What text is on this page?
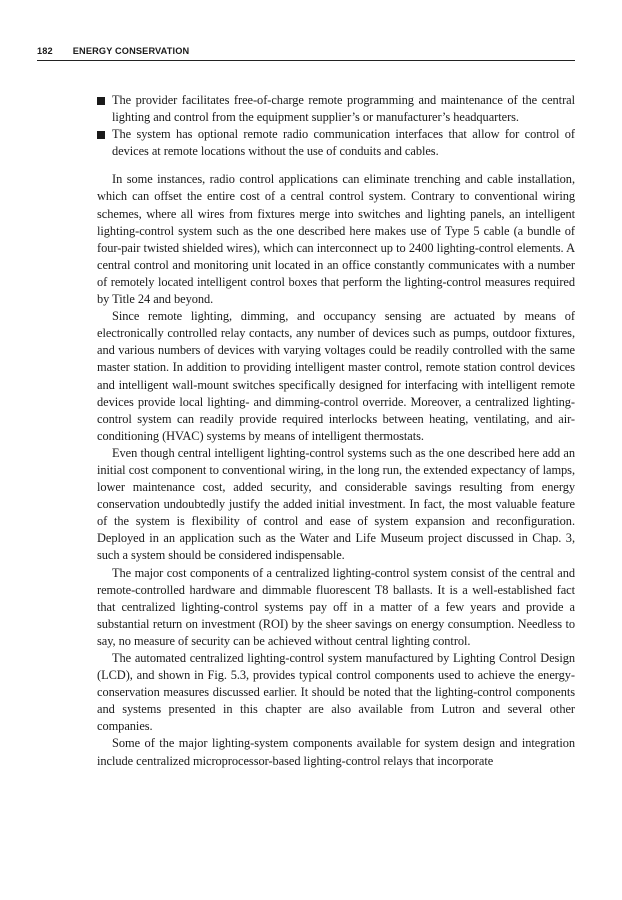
182 ENERGY CONSERVATION
The provider facilitates free-of-charge remote programming and maintenance of the central lighting and control from the equipment supplier’s or manufacturer’s headquarters.
The system has optional remote radio communication interfaces that allow for control of devices at remote locations without the use of conduits and cables.

In some instances, radio control applications can eliminate trenching and cable installation, which can offset the entire cost of a central control system. Contrary to conventional wiring schemes, where all wires from fixtures merge into switches and lighting panels, an intelligent lighting-control system such as the one described here makes use of Type 5 cable (a bundle of four-pair twisted shielded wires), which can interconnect up to 2400 lighting-control elements. A central control and monitoring unit located in an office constantly communicates with a number of remotely located intelligent control boxes that perform the lighting-control measures required by Title 24 and beyond.

Since remote lighting, dimming, and occupancy sensing are actuated by means of electronically controlled relay contacts, any number of devices such as pumps, outdoor fixtures, and various numbers of devices with varying voltages could be readily controlled with the same master station. In addition to providing intelligent master control, remote station control devices and intelligent wall-mount switches specifically designed for interfacing with intelligent remote devices provide local lighting- and dimming-control override. Moreover, a centralized lighting-control system can readily provide required interlocks between heating, ventilating, and air-conditioning (HVAC) systems by means of intelligent thermostats.

Even though central intelligent lighting-control systems such as the one described here add an initial cost component to conventional wiring, in the long run, the extended expectancy of lamps, lower maintenance cost, added security, and considerable savings resulting from energy conservation undoubtedly justify the added initial investment. In fact, the most valuable feature of the system is flexibility of control and ease of system expansion and reconfiguration. Deployed in an application such as the Water and Life Museum project discussed in Chap. 3, such a system should be considered indispensable.

The major cost components of a centralized lighting-control system consist of the central and remote-controlled hardware and dimmable fluorescent T8 ballasts. It is a well-established fact that centralized lighting-control systems pay off in a matter of a few years and provide a substantial return on investment (ROI) by the sheer savings on energy consumption. Needless to say, no measure of security can be achieved without central lighting control.

The automated centralized lighting-control system manufactured by Lighting Control Design (LCD), and shown in Fig. 5.3, provides typical control components used to achieve the energy-conservation measures discussed earlier. It should be noted that the lighting-control components and systems presented in this chapter are also available from Lutron and several other companies.

Some of the major lighting-system components available for system design and integration include centralized microprocessor-based lighting-control relays that incorporate
